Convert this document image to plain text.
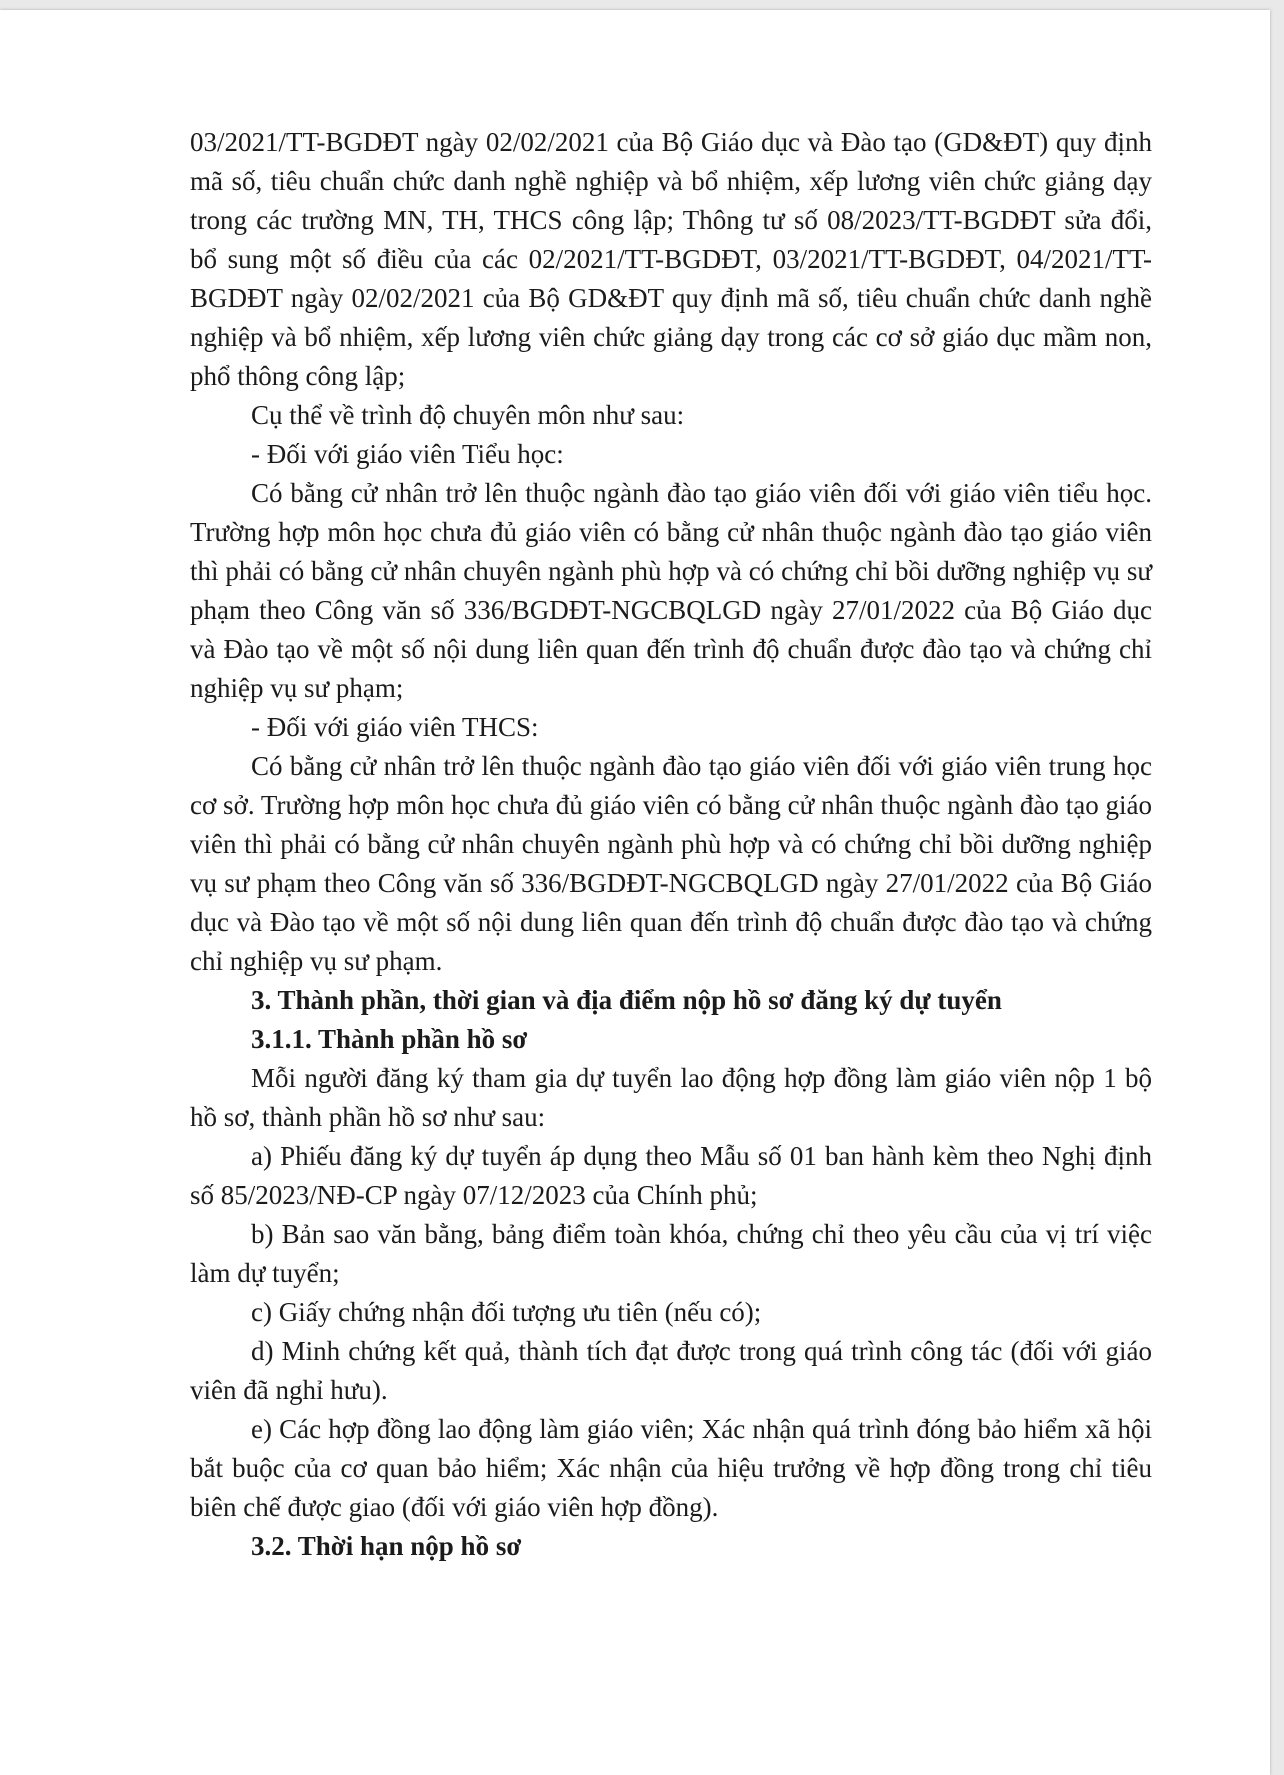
03/2021/TT-BGDĐT ngày 02/02/2021 của Bộ Giáo dục và Đào tạo (GD&ĐT) quy định mã số, tiêu chuẩn chức danh nghề nghiệp và bổ nhiệm, xếp lương viên chức giảng dạy trong các trường MN, TH, THCS công lập; Thông tư số 08/2023/TT-BGDĐT sửa đổi, bổ sung một số điều của các 02/2021/TT-BGDĐT, 03/2021/TT-BGDĐT, 04/2021/TT-BGDĐT ngày 02/02/2021 của Bộ GD&ĐT quy định mã số, tiêu chuẩn chức danh nghề nghiệp và bổ nhiệm, xếp lương viên chức giảng dạy trong các cơ sở giáo dục mầm non, phổ thông công lập;

Cụ thể về trình độ chuyên môn như sau:

- Đối với giáo viên Tiểu học:

Có bằng cử nhân trở lên thuộc ngành đào tạo giáo viên đối với giáo viên tiểu học. Trường hợp môn học chưa đủ giáo viên có bằng cử nhân thuộc ngành đào tạo giáo viên thì phải có bằng cử nhân chuyên ngành phù hợp và có chứng chỉ bồi dưỡng nghiệp vụ sư phạm theo Công văn số 336/BGDĐT-NGCBQLGD ngày 27/01/2022 của Bộ Giáo dục và Đào tạo về một số nội dung liên quan đến trình độ chuẩn được đào tạo và chứng chỉ nghiệp vụ sư phạm;

- Đối với giáo viên THCS:

Có bằng cử nhân trở lên thuộc ngành đào tạo giáo viên đối với giáo viên trung học cơ sở. Trường hợp môn học chưa đủ giáo viên có bằng cử nhân thuộc ngành đào tạo giáo viên thì phải có bằng cử nhân chuyên ngành phù hợp và có chứng chỉ bồi dưỡng nghiệp vụ sư phạm theo Công văn số 336/BGDĐT-NGCBQLGD ngày 27/01/2022 của Bộ Giáo dục và Đào tạo về một số nội dung liên quan đến trình độ chuẩn được đào tạo và chứng chỉ nghiệp vụ sư phạm.

3. Thành phần, thời gian và địa điểm nộp hồ sơ đăng ký dự tuyển

3.1.1. Thành phần hồ sơ

Mỗi người đăng ký tham gia dự tuyển lao động hợp đồng làm giáo viên nộp 1 bộ hồ sơ, thành phần hồ sơ như sau:

a) Phiếu đăng ký dự tuyển áp dụng theo Mẫu số 01 ban hành kèm theo Nghị định số 85/2023/NĐ-CP ngày 07/12/2023 của Chính phủ;

b) Bản sao văn bằng, bảng điểm toàn khóa, chứng chỉ theo yêu cầu của vị trí việc làm dự tuyển;

c) Giấy chứng nhận đối tượng ưu tiên (nếu có);

d) Minh chứng kết quả, thành tích đạt được trong quá trình công tác (đối với giáo viên đã nghỉ hưu).

e) Các hợp đồng lao động làm giáo viên; Xác nhận quá trình đóng bảo hiểm xã hội bắt buộc của cơ quan bảo hiểm; Xác nhận của hiệu trưởng về hợp đồng trong chỉ tiêu biên chế được giao (đối với giáo viên hợp đồng).

3.2. Thời hạn nộp hồ sơ
